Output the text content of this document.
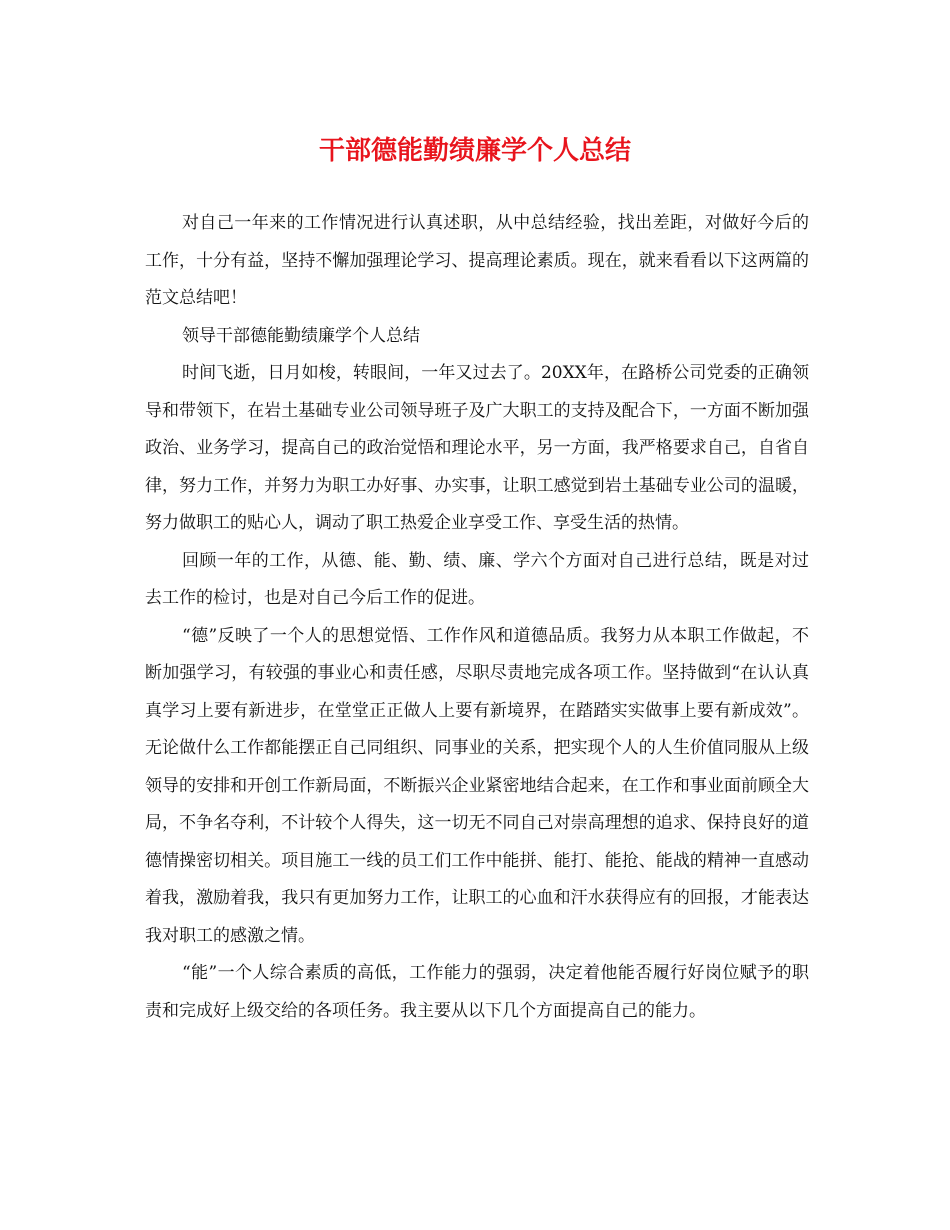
干部德能勤绩廉学个人总结

对自己一年来的工作情况进行认真述职，从中总结经验，找出差距，对做好今后的工作，十分有益，坚持不懈加强理论学习、提高理论素质。现在，就来看看以下这两篇的范文总结吧！

领导干部德能勤绩廉学个人总结

时间飞逝，日月如梭，转眼间，一年又过去了。20XX年，在路桥公司党委的正确领导和带领下，在岩土基础专业公司领导班子及广大职工的支持及配合下，一方面不断加强政治、业务学习，提高自己的政治觉悟和理论水平，另一方面，我严格要求自己，自省自律，努力工作，并努力为职工办好事、办实事，让职工感觉到岩土基础专业公司的温暖，努力做职工的贴心人，调动了职工热爱企业享受工作、享受生活的热情。

回顾一年的工作，从德、能、勤、绩、廉、学六个方面对自己进行总结，既是对过去工作的检讨，也是对自己今后工作的促进。

“德”反映了一个人的思想觉悟、工作作风和道德品质。我努力从本职工作做起，不断加强学习，有较强的事业心和责任感，尽职尽责地完成各项工作。坚持做到“在认认真真学习上要有新进步，在堂堂正正做人上要有新境界，在踏踏实实做事上要有新成效”。无论做什么工作都能摆正自己同组织、同事业的关系，把实现个人的人生价值同服从上级领导的安排和开创工作新局面，不断振兴企业紧密地结合起来，在工作和事业面前顾全大局，不争名夺利，不计较个人得失，这一切无不同自己对崇高理想的追求、保持良好的道德情操密切相关。项目施工一线的员工们工作中能拼、能打、能抢、能战的精神一直感动着我，激励着我，我只有更加努力工作，让职工的心血和汗水获得应有的回报，才能表达我对职工的感激之情。

“能”一个人综合素质的高低，工作能力的强弱，决定着他能否履行好岗位赋予的职责和完成好上级交给的各项任务。我主要从以下几个方面提高自己的能力。
